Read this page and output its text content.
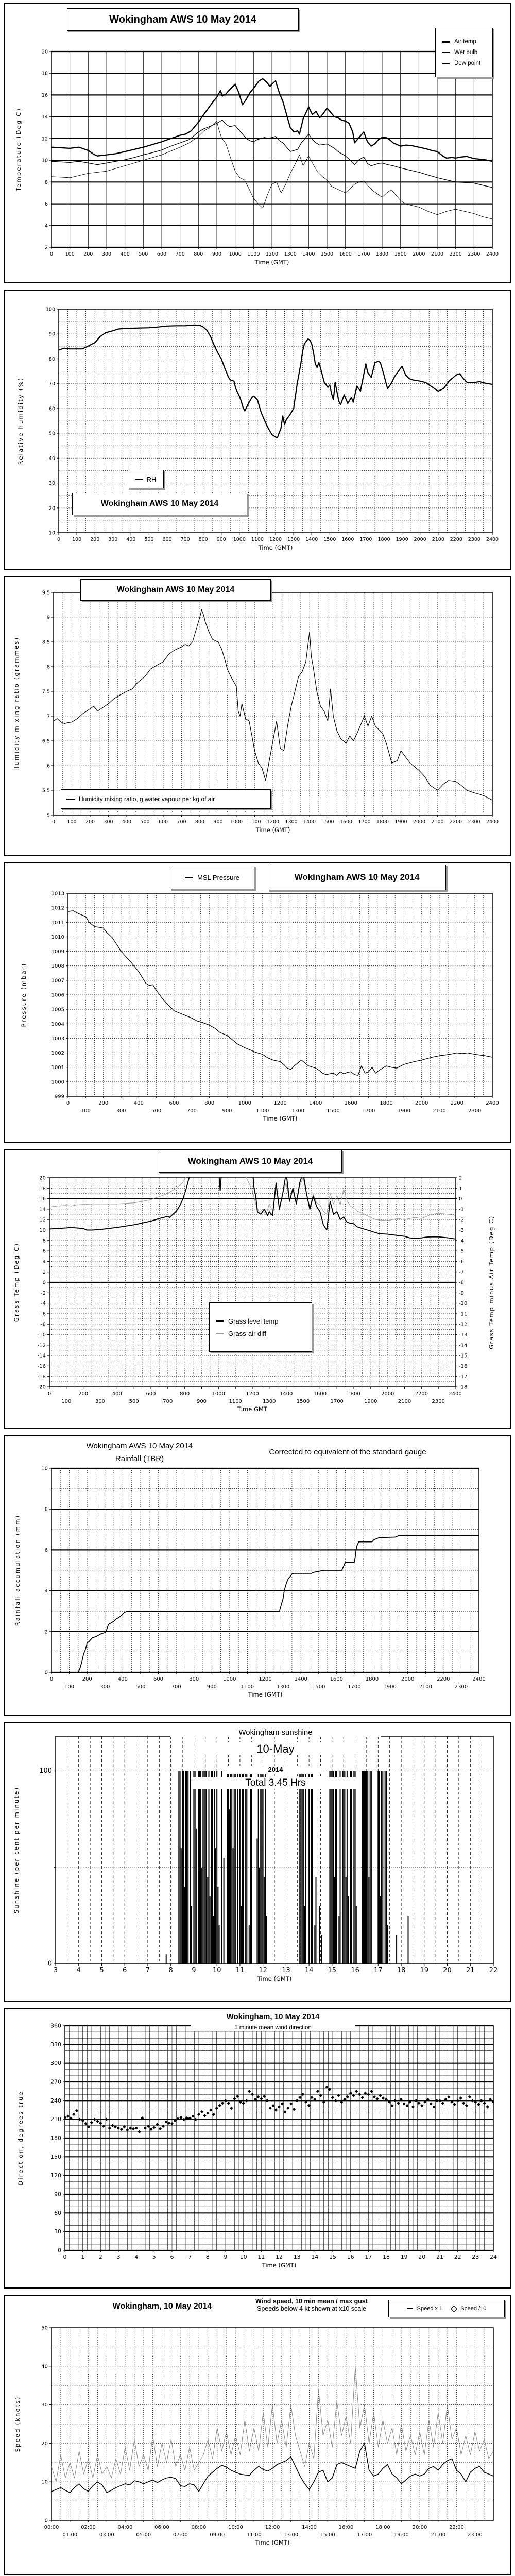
0 100 200 300 400 500 600 700 800 900 1000 1100 1200 1300 1400 1500 1600 1700 1800 1900 2000 2100 2200 2300 2400
2
4
6
8
10
12
14
16
18
20
Time (GMT)
Temperature (Deg C)
Wokingham AWS 10 May 2014
Air temp
Wet bulb
Dew point
0 100 200 300 400 500 600 700 800 900 1000 1100 1200 1300 1400 1500 1600 1700 1800 1900 2000 2100 2200 2300 2400
10
20
30
40
50
60
70
80
90
100
Time (GMT)
Relative humidity (%)
RH
Wokingham AWS 10 May 2014
0 100 200 300 400 500 600 700 800 900 1000 1100 1200 1300 1400 1500 1600 1700 1800 1900 2000 2100 2200 2300 2400
5
5.5
6
6.5
7
7.5
8
8.5
9
9.5
Time (GMT)
Humidity mixing ratio (grammes)
Wokingham AWS 10 May 2014
Humidity mixing ratio, g water vapour per kg of air
0	200	400	600	800	1000	1200	1400	1600	1800	2000	2200	2400
100	300	500	700	900	1100	1300	1500	1700	1900	2100	2300
999
1000
1001
1002
1003
1004
1005
1006
1007
1008
1009
1010
1011
1012
1013
Time (GMT)
Pressure (mbar)
MSL Pressure	Wokingham AWS 10 May 2014
0	200	400	600	800	1000	1200	1400	1600	1800	2000	2200	2400
100	300	500	700	900	1100	1300	1500	1700	1900	2100	2300
-20
-18
-16
-14
-12
-10
-8
-6
-4
-2
0
2
4
6
8
10
12
14
16
18
20
-18
-17
-16
-15
-14
-13
-12
-11
-10
-9
-8
-7
-6
-5
-4
-3
-2
-1
0
1
2
Time GMT
Grass Temp (Deg C)	Grass Temp minus Air Temp (Deg C)
Wokingham AWS 10 May 2014
Grass level temp
Grass-air diff
0	200	400	600	800	1000	1200	1400	1600	1800	2000	2200	2400
100	300	500	700	900	1100	1300	1500	1700	1900	2100	2300
0
2
4
6
8
10
Time (GMT)
Rainfall accumulation (mm)
Wokingham AWS 10 May 2014
Rainfall (TBR)
Corrected to equivalent of the standard gauge
3	4	5	6	7	8	9 10 11 12 13 14 15 16 17 18 19 20 21 22
0
100
Time (GMT)
Sunshine (per cent per minute)
Wokingham sunshine
10-May
2014
Total 3.45 Hrs
0	1	2	3	4	5	6	7	8	9 10 11 12 13 14 15 16 17 18 19 20 21 22 23 24
0
30
60
90
120
150
180
210
240
270
300
330
360
Time (GMT)
Direction, degrees true
Wokingham, 10 May 2014
5 minute mean wind direction
00:00	02:00	04:00	06:00	08:00	10:00	12:00	14:00	16:00	18:00	20:00	22:00
01:00	03:00	05:00	07:00	09:00	11:00	13:00	15:00	17:00	19:00	21:00	23:00
0
10
20
30
40
50
Time (GMT)
Speed (knots)
Wokingham, 10 May 2014
Wind speed, 10 min mean / max gust
Speeds below 4 kt shown at x10 scale	Speed x 1	Speed /10
